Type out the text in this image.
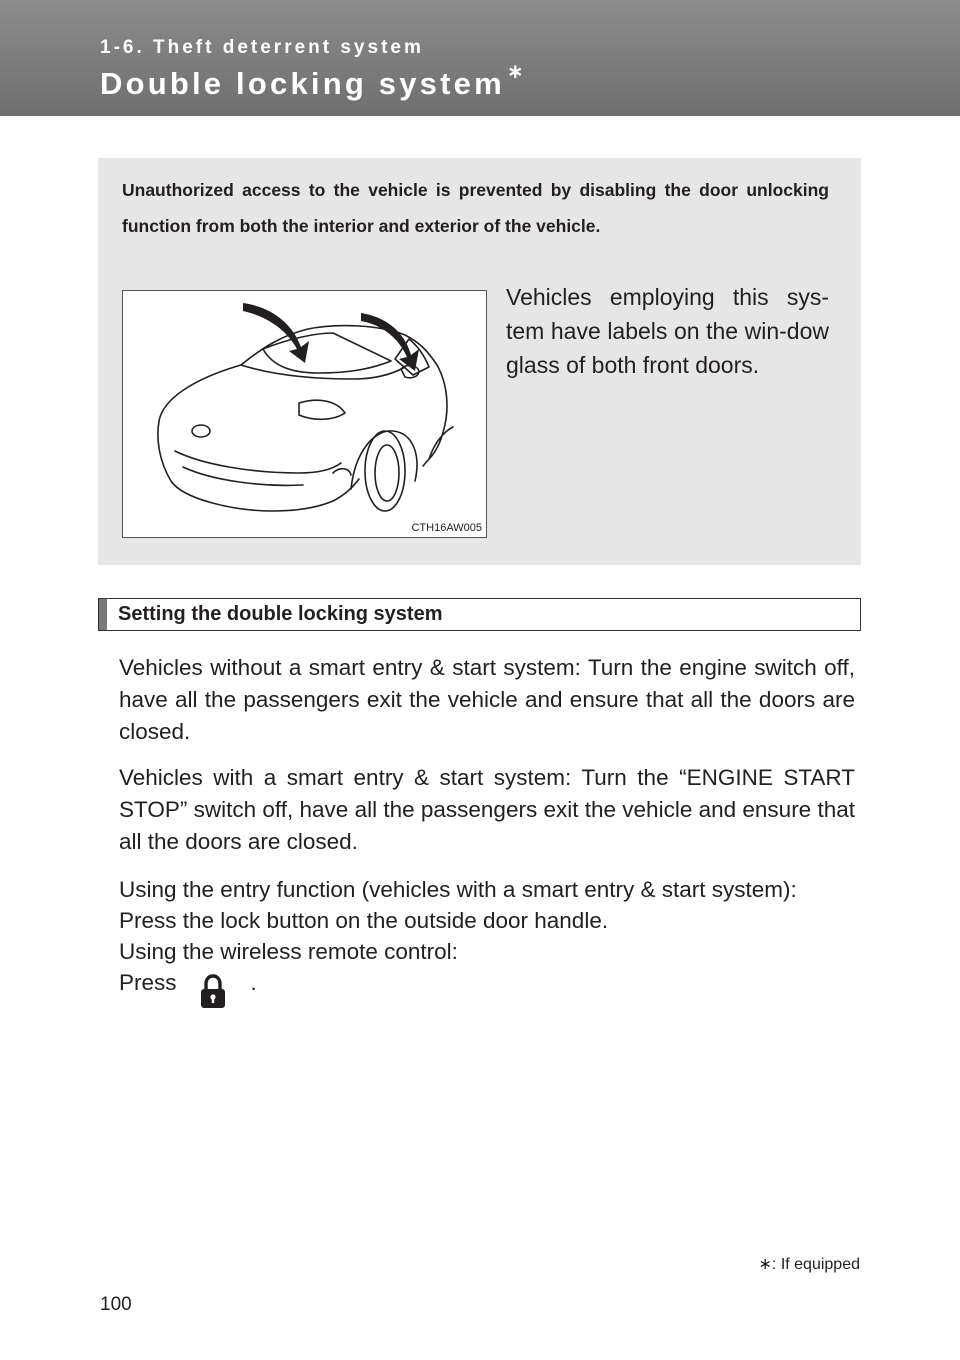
1-6. Theft deterrent system
Double locking system ∗
Unauthorized access to the vehicle is prevented by disabling the door unlocking function from both the interior and exterior of the vehicle.
CTH16AW005
Vehicles employing this sys-tem have labels on the win-dow glass of both front doors.
Setting the double locking system
Vehicles without a smart entry & start system: Turn the engine switch off, have all the passengers exit the vehicle and ensure that all the doors are closed.
Vehicles with a smart entry & start system: Turn the “ENGINE START STOP” switch off, have all the passengers exit the vehicle and ensure that all the doors are closed.
Using the entry function (vehicles with a smart entry & start system):
Press the lock button on the outside door handle.
Using the wireless remote control:
Press	.
∗: If equipped
100
